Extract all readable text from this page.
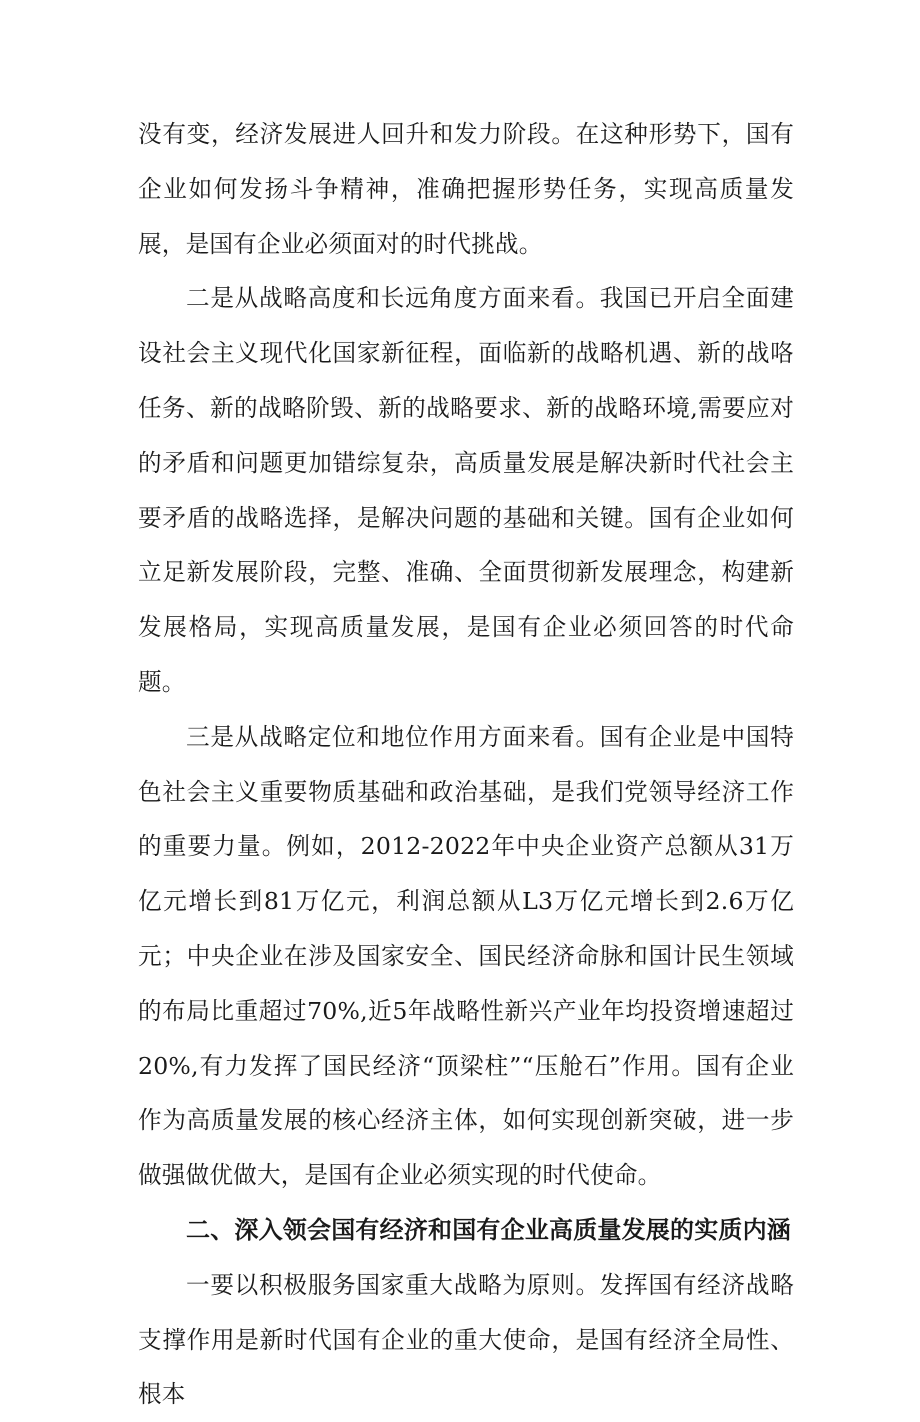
没有变，经济发展进人回升和发力阶段。在这种形势下，国有企业如何发扬斗争精神，准确把握形势任务，实现高质量发展，是国有企业必须面对的时代挑战。

二是从战略高度和长远角度方面来看。我国已开启全面建设社会主义现代化国家新征程，面临新的战略机遇、新的战咯任务、新的战略阶毁、新的战略要求、新的战略环境,需要应对的矛盾和问题更加错综复杂，高质量发展是解决新时代社会主要矛盾的战略选择，是解决问题的基础和关键。国有企业如何立足新发展阶段，完整、准确、全面贯彻新发展理念，构建新发展格局，实现高质量发展，是国有企业必须回答的时代命题。

三是从战略定位和地位作用方面来看。国有企业是中国特色社会主义重要物质基础和政治基础，是我们党领导经济工作的重要力量。例如，2012-2022年中央企业资产总额从31万亿元增长到81万亿元，利润总额从L3万亿元增长到2.6万亿元；中央企业在涉及国家安全、国民经济命脉和国计民生领域的布局比重超过70%,近5年战略性新兴产业年均投资增速超过20%,有力发挥了国民经济“顶梁柱”“压舱石”作用。国有企业作为高质量发展的核心经济主体，如何实现创新突破，进一步做强做优做大，是国有企业必须实现的时代使命。

二、深入领会国有经济和国有企业高质量发展的实质内涵

一要以积极服务国家重大战略为原则。发挥国有经济战略支撑作用是新时代国有企业的重大使命，是国有经济全局性、根本
